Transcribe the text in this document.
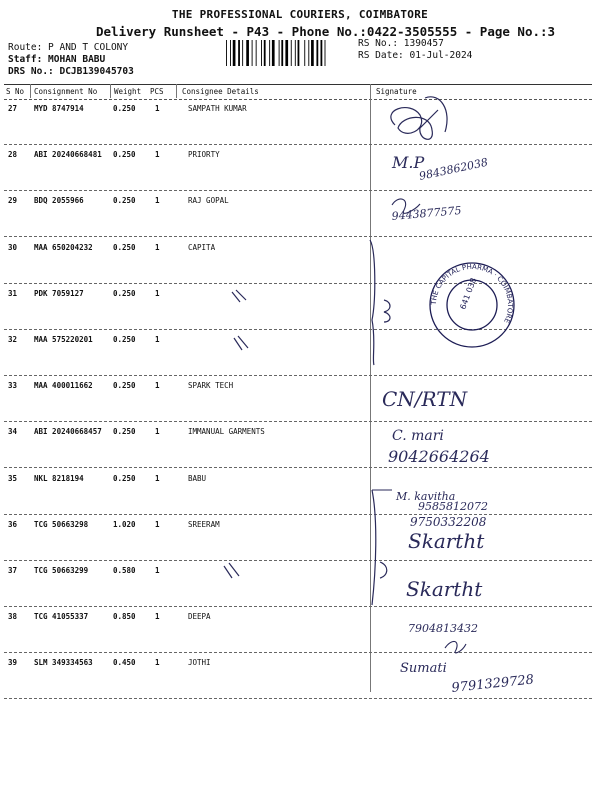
THE PROFESSIONAL COURIERS, COIMBATORE
Delivery Runsheet - P43 - Phone No.:0422-3505555 - Page No.:3
Route: P AND T COLONY
Staff: MOHAN BABU
DRS No.: DCJB139045703
RS No.: 1390457
RS Date: 01-Jul-2024
S No Consignment No Weight PCS Consignee Details	Signature
27 MYD 8747914	0.250	1	SAMPATH KUMAR
28 ABI 20240668481 0.250	1	PRIORTY
29 BDQ 2055966	0.250	1	RAJ GOPAL
30 MAA 650204232	0.250	1	CAPITA
31 PDK 7059127	0.250	1
32 MAA 575220201	0.250	1
33 MAA 400011662	0.250	1	SPARK TECH
34 ABI 20240668457 0.250	1	IMMANUAL GARMENTS
35 NKL 8218194	0.250	1	BABU
36 TCG 50663298	1.020	1	SREERAM
37 TCG 50663299	0.580	1
38 TCG 41055337	0.850	1	DEEPA
39 SLM 349334563	0.450	1	JOTHI
641 038
THE CAPITAL PHARMA · COIMBATORE
M.P
9843862038
9443877575
CN/RTN
C. mari
9042664264
M. kavitha
9585812072
9750332208
Skartht
Skartht
7904813432
Sumati
9791329728
